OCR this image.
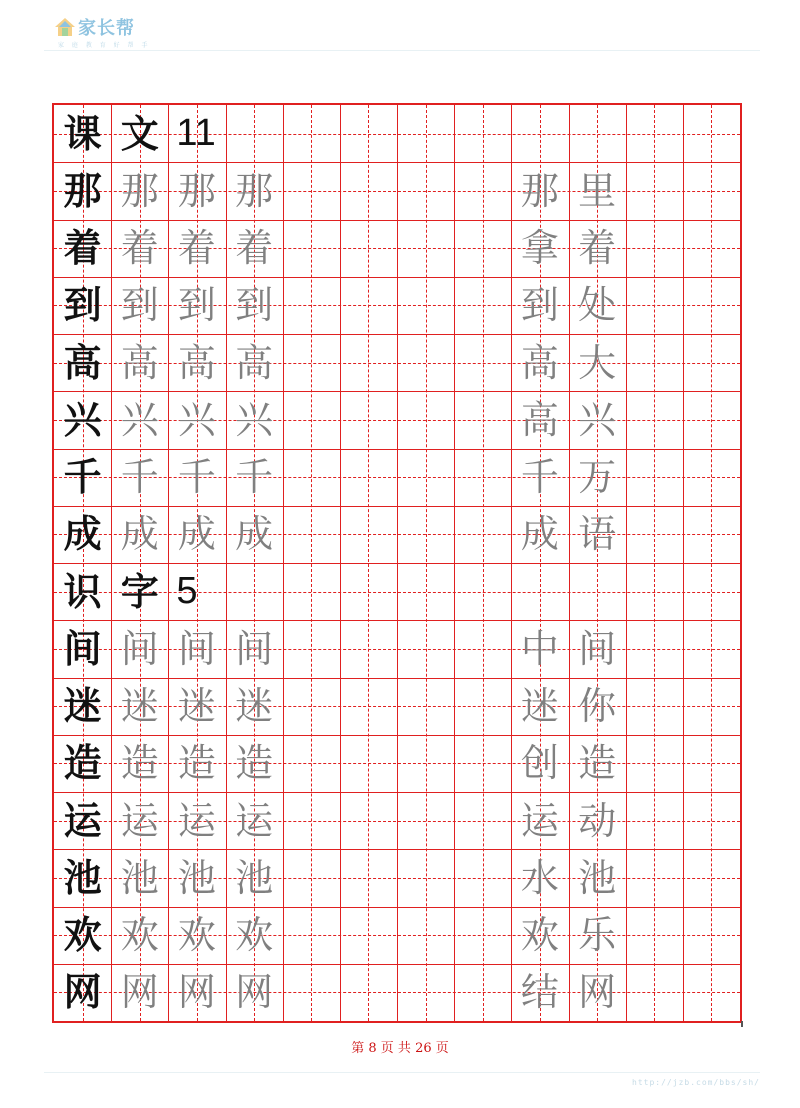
家长帮
家 庭 教 育 好 帮 手
课 文 11
那 那 那 那	那 里
着 着 着 着	拿 着
到 到 到 到	到 处
高 高 高 高	高 大
兴 兴 兴 兴	高 兴
千 千 千 千	千 万
成 成 成 成	成 语
识 字 5
间 间 间 间	中 间
迷 迷 迷 迷	迷 你
造 造 造 造	创 造
运 运 运 运	运 动
池 池 池 池	水 池
欢 欢 欢 欢	欢 乐
网 网 网 网	结 网
第 8 页 共 26 页
http://jzb.com/bbs/sh/
